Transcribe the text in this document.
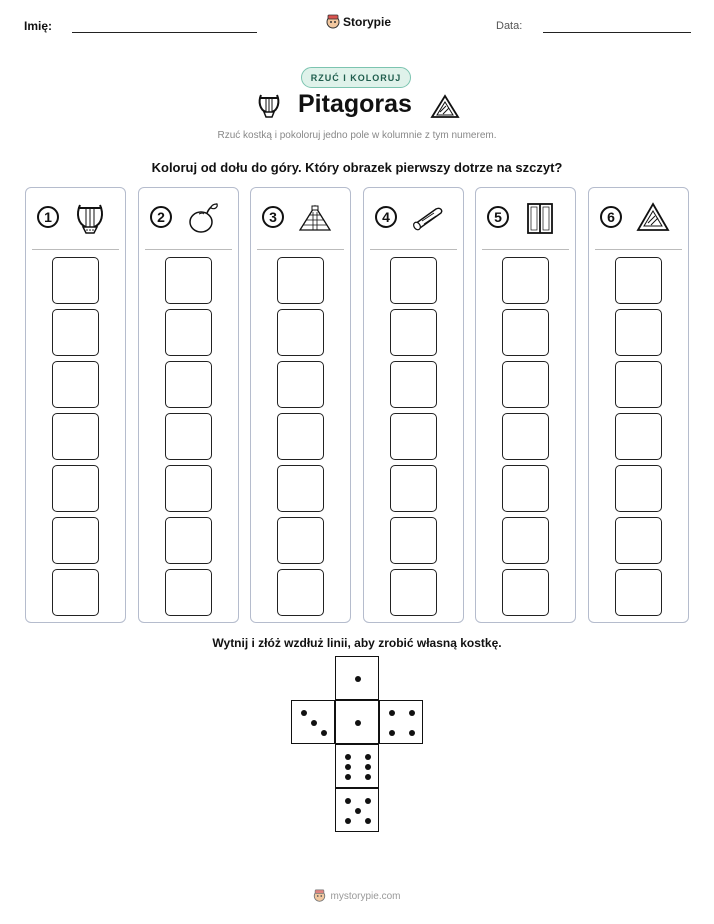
Imię:	Storypie	Data:
RZUĆ I KOLORUJ
Pitagoras
Rzuć kostką i pokoloruj jedno pole w kolumnie z tym numerem.
Koloruj od dołu do góry. Który obrazek pierwszy dotrze na szczyt?
1	2	3	4	5	6
Wytnij i złóż wzdłuż linii, aby zrobić własną kostkę.
mystorypie.com
